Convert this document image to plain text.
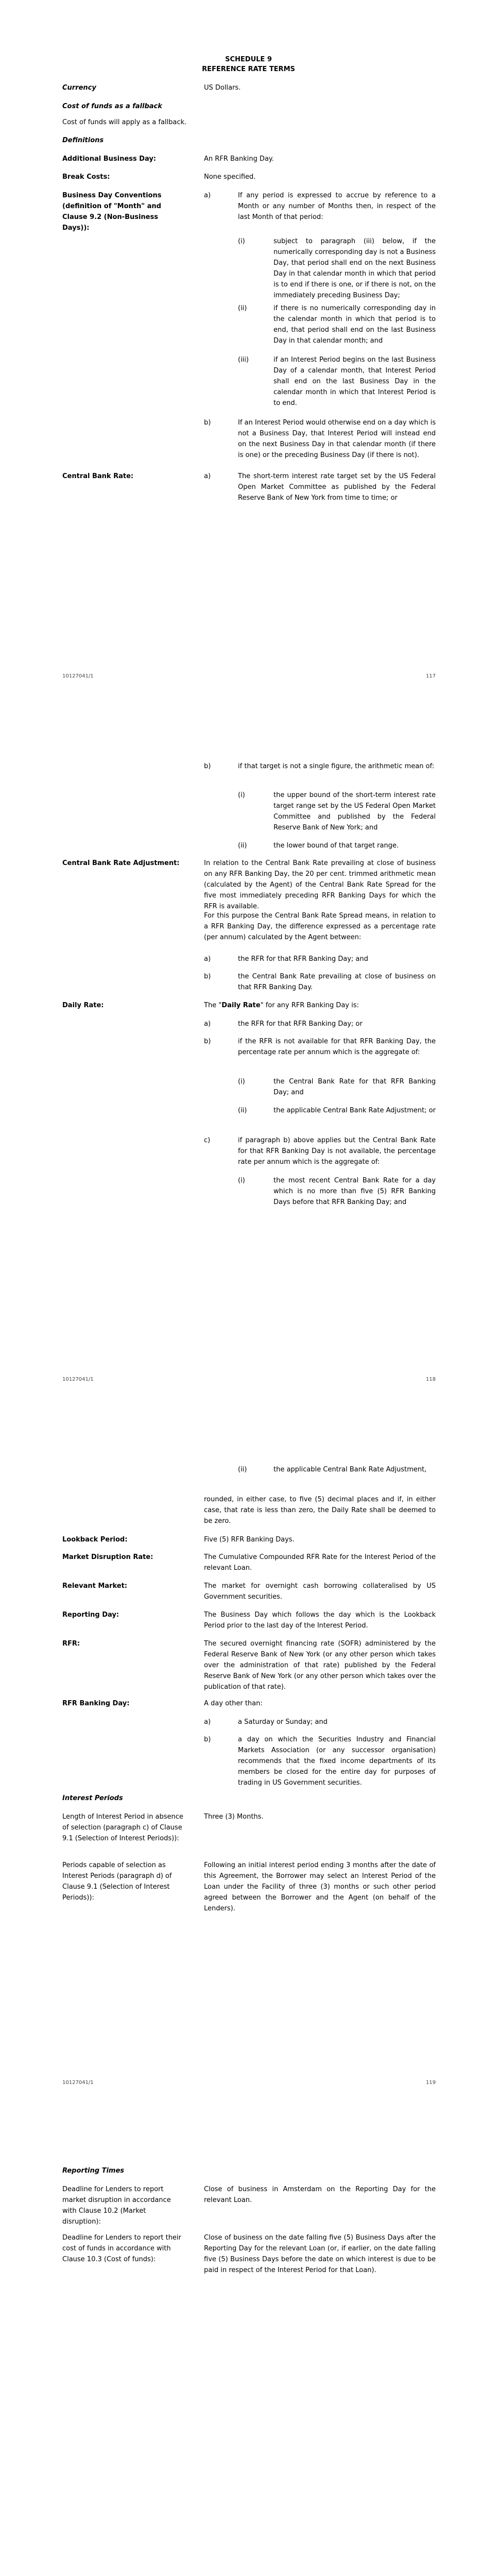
SCHEDULE 9
REFERENCE RATE TERMS
Currency	US Dollars.
Cost of funds as a fallback
Cost of funds will apply as a fallback.
Definitions
Additional Business Day:	An RFR Banking Day.
Break Costs:	None specified.
Business Day Conventions (definition of "Month" and Clause 9.2 (Non-Business Days)):
a)	If any period is expressed to accrue by reference to a Month or any number of Months then, in respect of the last Month of that period:
(i)	subject to paragraph (iii) below, if the numerically corresponding day is not a Business Day, that period shall end on the next Business Day in that calendar month in which that period is to end if there is one, or if there is not, on the immediately preceding Business Day;
(ii)	if there is no numerically corresponding day in the calendar month in which that period is to end, that period shall end on the last Business Day in that calendar month; and
(iii)	if an Interest Period begins on the last Business Day of a calendar month, that Interest Period shall end on the last Business Day in the calendar month in which that Interest Period is to end.
b)	If an Interest Period would otherwise end on a day which is not a Business Day, that Interest Period will instead end on the next Business Day in that calendar month (if there is one) or the preceding Business Day (if there is not).
Central Bank Rate:	a)	The short-term interest rate target set by the US Federal Open Market Committee as published by the Federal Reserve Bank of New York from time to time; or
10127041/1	117
b)	if that target is not a single figure, the arithmetic mean of:
(i)	the upper bound of the short-term interest rate target range set by the US Federal Open Market Committee and published by the Federal Reserve Bank of New York; and
(ii)	the lower bound of that target range.
Central Bank Rate Adjustment:	In relation to the Central Bank Rate prevailing at close of business on any RFR Banking Day, the 20 per cent. trimmed arithmetic mean (calculated by the Agent) of the Central Bank Rate Spread for the five most immediately preceding RFR Banking Days for which the RFR is available.
For this purpose the Central Bank Rate Spread means, in relation to a RFR Banking Day, the difference expressed as a percentage rate (per annum) calculated by the Agent between:
a)	the RFR for that RFR Banking Day; and
b)	the Central Bank Rate prevailing at close of business on that RFR Banking Day.
Daily Rate:	The "Daily Rate" for any RFR Banking Day is:
a)	the RFR for that RFR Banking Day; or
b)	if the RFR is not available for that RFR Banking Day, the percentage rate per annum which is the aggregate of:
(i)	the Central Bank Rate for that RFR Banking Day; and
(ii)	the applicable Central Bank Rate Adjustment; or
c)	if paragraph b) above applies but the Central Bank Rate for that RFR Banking Day is not available, the percentage rate per annum which is the aggregate of:
(i)	the most recent Central Bank Rate for a day which is no more than five (5) RFR Banking Days before that RFR Banking Day; and
10127041/1	118
(ii)	the applicable Central Bank Rate Adjustment,
rounded, in either case, to five (5) decimal places and if, in either case, that rate is less than zero, the Daily Rate shall be deemed to be zero.
Lookback Period:	Five (5) RFR Banking Days.
Market Disruption Rate:	The Cumulative Compounded RFR Rate for the Interest Period of the relevant Loan.
Relevant Market:	The market for overnight cash borrowing collateralised by US Government securities.
Reporting Day:	The Business Day which follows the day which is the Lookback Period prior to the last day of the Interest Period.
RFR:	The secured overnight financing rate (SOFR) administered by the Federal Reserve Bank of New York (or any other person which takes over the administration of that rate) published by the Federal Reserve Bank of New York (or any other person which takes over the publication of that rate).
RFR Banking Day:	A day other than:
a)	a Saturday or Sunday; and
b)	a day on which the Securities Industry and Financial Markets Association (or any successor organisation) recommends that the fixed income departments of its members be closed for the entire day for purposes of trading in US Government securities.
Interest Periods
Length of Interest Period in absence of selection (paragraph c) of Clause 9.1 (Selection of Interest Periods)):
Three (3) Months.
Periods capable of selection as Interest Periods (paragraph d) of Clause 9.1 (Selection of Interest Periods)):
Following an initial interest period ending 3 months after the date of this Agreement, the Borrower may select an Interest Period of the Loan under the Facility of three (3) months or such other period agreed between the Borrower and the Agent (on behalf of the Lenders).
10127041/1	119
Reporting Times
Deadline for Lenders to report market disruption in accordance with Clause 10.2 (Market disruption):
Close of business in Amsterdam on the Reporting Day for the relevant Loan.
Deadline for Lenders to report their cost of funds in accordance with Clause 10.3 (Cost of funds):
Close of business on the date falling five (5) Business Days after the Reporting Day for the relevant Loan (or, if earlier, on the date falling five (5) Business Days before the date on which interest is due to be paid in respect of the Interest Period for that Loan).
